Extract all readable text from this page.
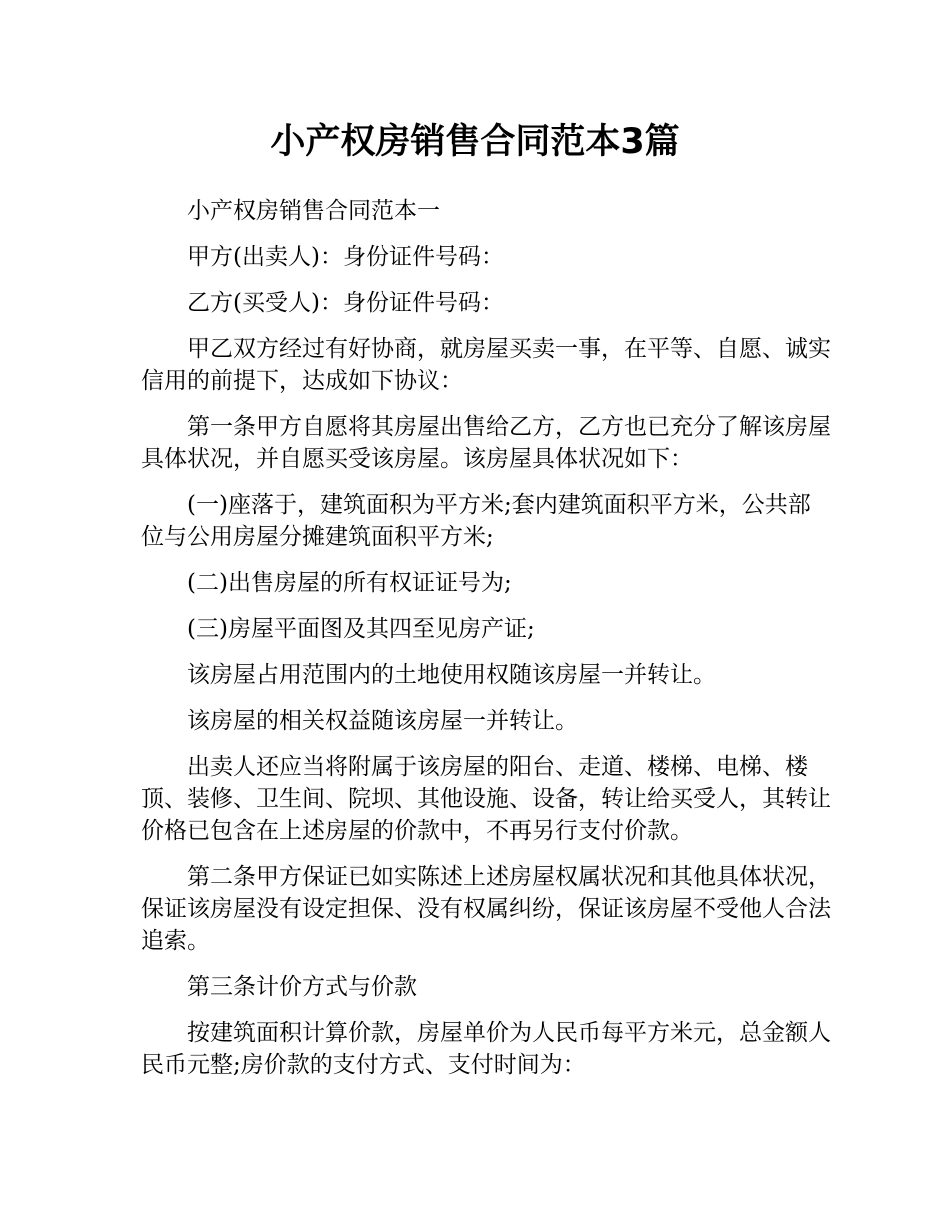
小产权房销售合同范本3篇

小产权房销售合同范本一

甲方(出卖人)：身份证件号码：

乙方(买受人)：身份证件号码：

甲乙双方经过有好协商，就房屋买卖一事，在平等、自愿、诚实信用的前提下，达成如下协议：

第一条甲方自愿将其房屋出售给乙方，乙方也已充分了解该房屋具体状况，并自愿买受该房屋。该房屋具体状况如下：

(一)座落于，建筑面积为平方米;套内建筑面积平方米，公共部位与公用房屋分摊建筑面积平方米;

(二)出售房屋的所有权证证号为;

(三)房屋平面图及其四至见房产证;

该房屋占用范围内的土地使用权随该房屋一并转让。

该房屋的相关权益随该房屋一并转让。

出卖人还应当将附属于该房屋的阳台、走道、楼梯、电梯、楼顶、装修、卫生间、院坝、其他设施、设备，转让给买受人，其转让价格已包含在上述房屋的价款中，不再另行支付价款。

第二条甲方保证已如实陈述上述房屋权属状况和其他具体状况，保证该房屋没有设定担保、没有权属纠纷，保证该房屋不受他人合法追索。

第三条计价方式与价款

按建筑面积计算价款，房屋单价为人民币每平方米元，总金额人民币元整;房价款的支付方式、支付时间为：
